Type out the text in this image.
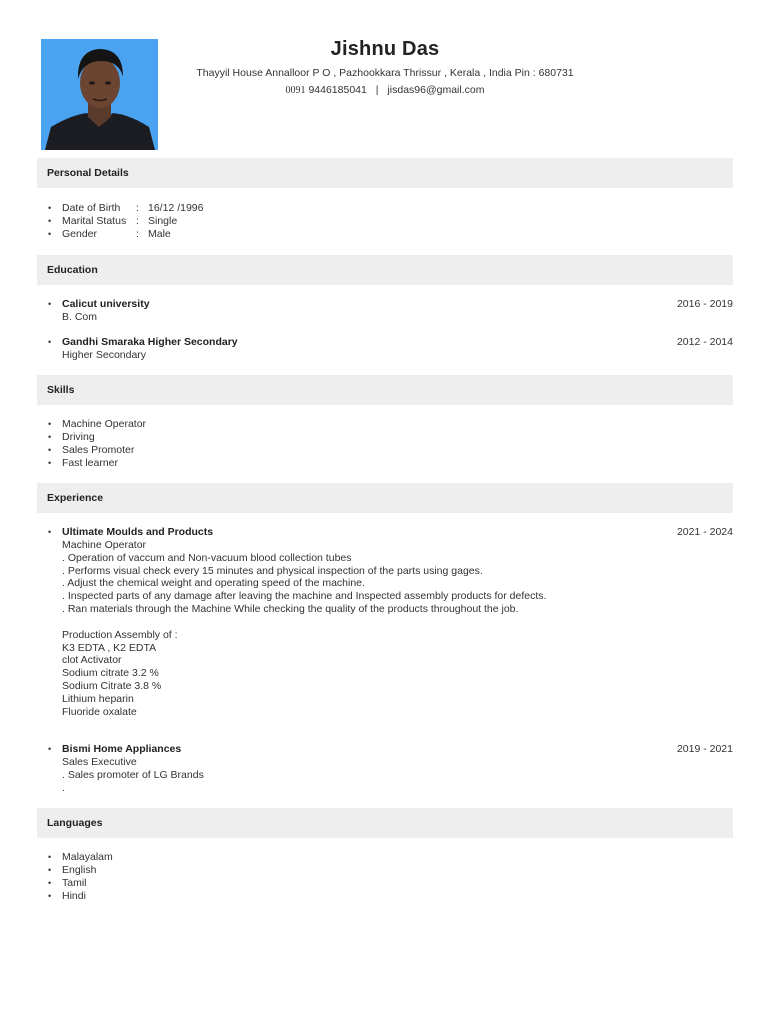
Jishnu Das
Thayyil House Annalloor P O , Pazhookkara Thrissur , Kerala , India Pin : 680731
0091 9446185041 | jisdas96@gmail.com
Personal Details
• Date of Birth : 16/12 /1996
• Marital Status : Single
• Gender	: Male
Education
• Calicut university
B. Com
2016 - 2019
• Gandhi Smaraka Higher Secondary
Higher Secondary
2012 - 2014
Skills
• Machine Operator
• Driving
• Sales Promoter
• Fast learner
Experience
• Ultimate Moulds and Products
Machine Operator
. Operation of vaccum and Non-vacuum blood collection tubes
. Performs visual check every 15 minutes and physical inspection of the parts using gages.
. Adjust the chemical weight and operating speed of the machine.
. Inspected parts of any damage after leaving the machine and Inspected assembly products for defects.
. Ran materials through the Machine While checking the quality of the products throughout the job.
Production Assembly of :
K3 EDTA , K2 EDTA
clot Activator
Sodium citrate 3.2 %
Sodium Citrate 3.8 %
Lithium heparin
Fluoride oxalate
2021 - 2024
• Bismi Home Appliances
Sales Executive
. Sales promoter of LG Brands
.
2019 - 2021
Languages
• Malayalam
• English
• Tamil
• Hindi
